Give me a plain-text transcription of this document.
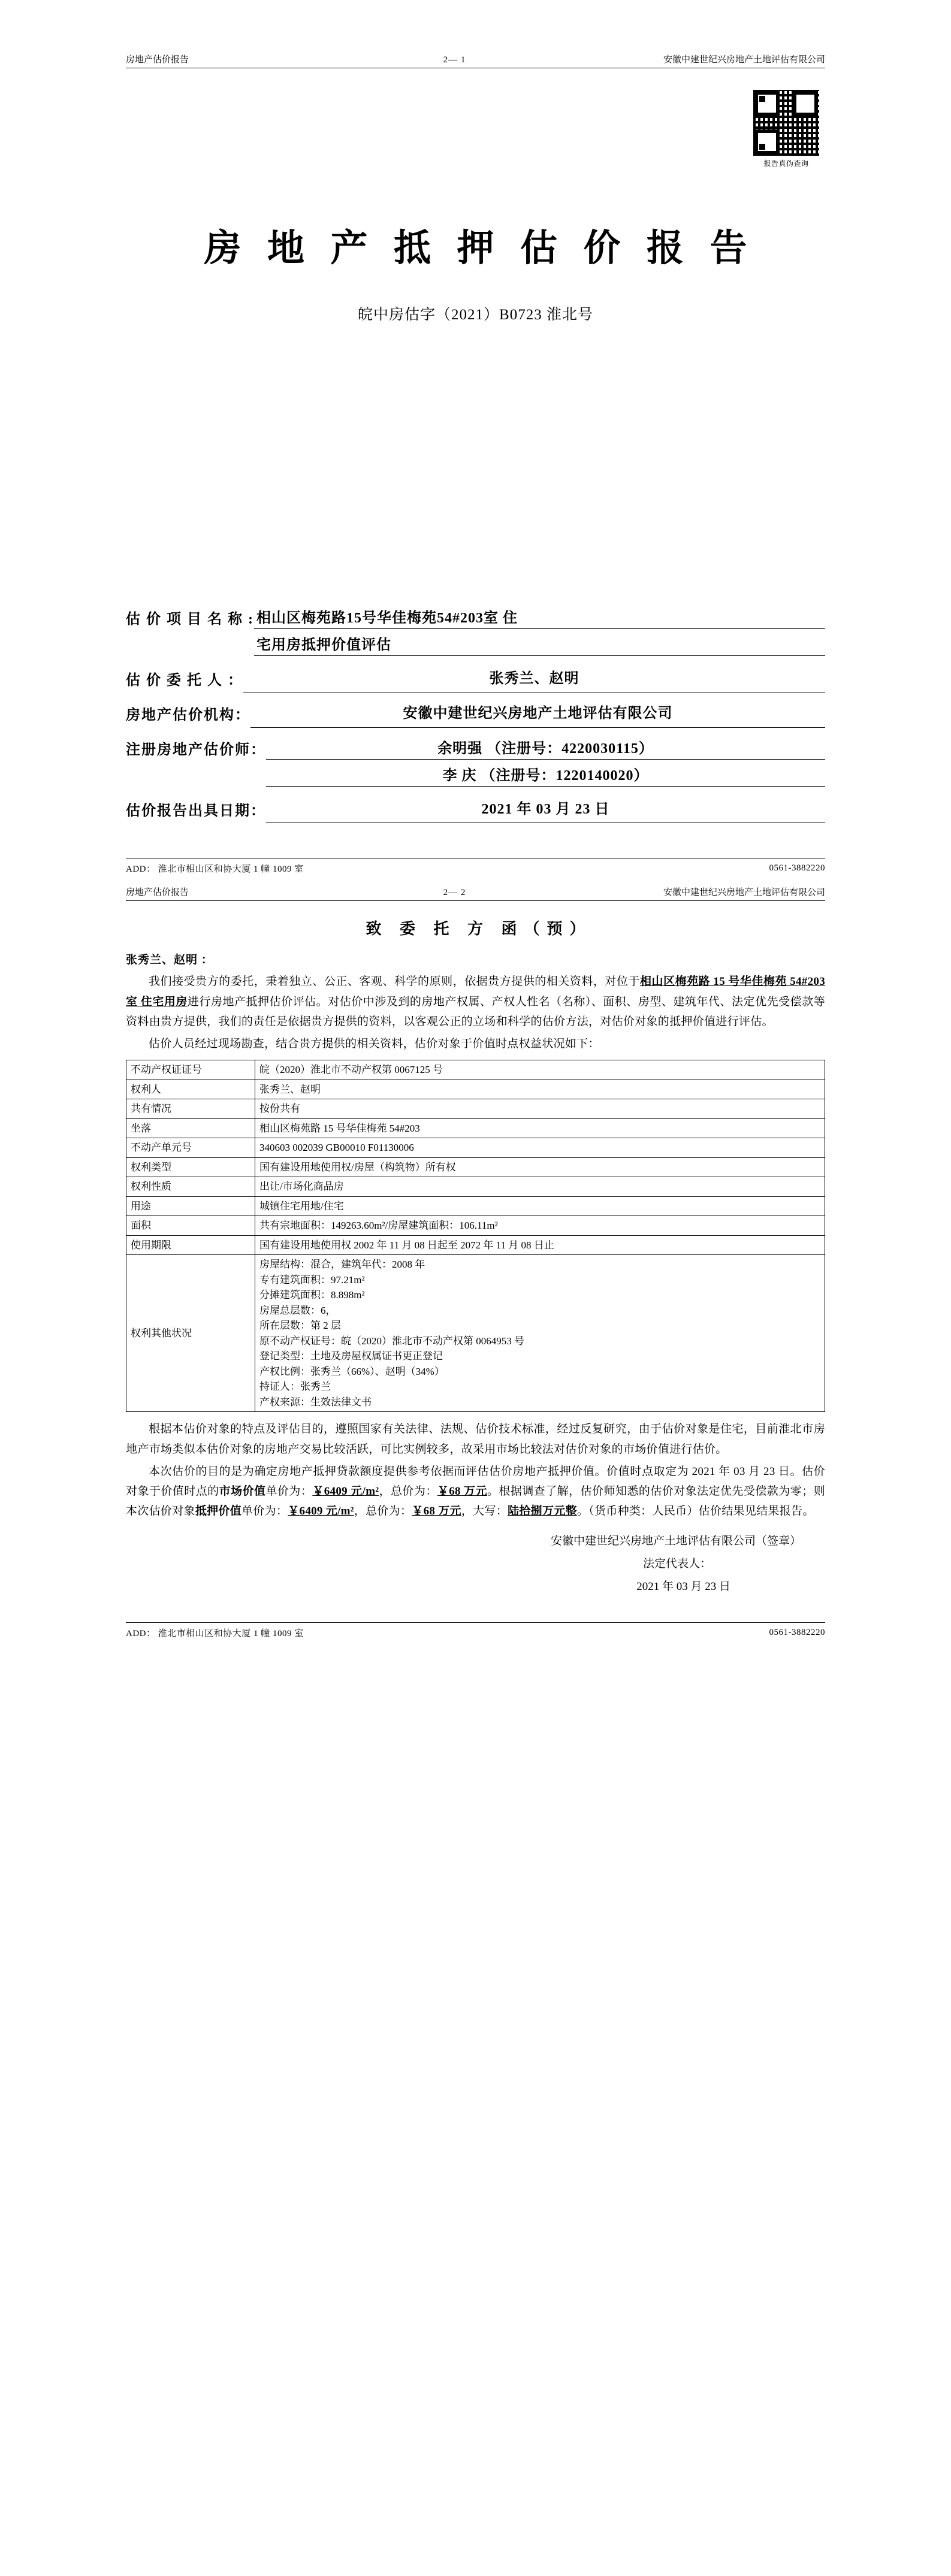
房地产估价报告	2— 1	安徽中建世纪兴房地产土地评估有限公司
报告真伪查询
房 地 产 抵 押 估 价 报 告
皖中房估字（2021）B0723 淮北号
估 价 项 目 名 称 : 相山区梅苑路15号华佳梅苑54#203室 住
宅用房抵押价值评估
估 价 委 托 人 ：	张秀兰、赵明
房地产估价机构：	安徽中建世纪兴房地产土地评估有限公司
注册房地产估价师：	余明强 （注册号：4220030115）
李 庆 （注册号：1220140020）
估价报告出具日期：	2021 年 03 月 23 日
ADD： 淮北市相山区和协大厦 1 幢 1009 室	0561-3882220
房地产估价报告	2— 2	安徽中建世纪兴房地产土地评估有限公司
致 委 托 方 函（预）
张秀兰、赵明 ：

我们接受贵方的委托，秉着独立、公正、客观、科学的原则，依据贵方提供的相关资料，对位于相山区梅苑路 15 号华佳梅苑 54#203 室 住宅用房进行房地产抵押估价评估。对估价中涉及到的房地产权属、产权人性名（名称）、面积、房型、建筑年代、法定优先受偿款等资料由贵方提供，我们的责任是依据贵方提供的资料，以客观公正的立场和科学的估价方法，对估价对象的抵押价值进行评估。

估价人员经过现场勘查，结合贵方提供的相关资料，估价对象于价值时点权益状况如下：

不动产权证证号	皖（2020）淮北市不动产权第 0067125 号
权利人	张秀兰、赵明
共有情况	按份共有
坐落	相山区梅苑路 15 号华佳梅苑 54#203
不动产单元号	340603 002039 GB00010 F01130006
权利类型	国有建设用地使用权/房屋（构筑物）所有权
权利性质	出让/市场化商品房
用途	城镇住宅用地/住宅
面积	共有宗地面积：149263.60m²/房屋建筑面积：106.11m²
使用期限	国有建设用地使用权 2002 年 11 月 08 日起至 2072 年 11 月 08 日止
权利其他状况	
房屋结构：混合，建筑年代：2008 年
专有建筑面积：97.21m²
分摊建筑面积：8.898m²
房屋总层数：6，
所在层数：第 2 层
原不动产权证号：皖（2020）淮北市不动产权第 0064953 号
登记类型：土地及房屋权属证书更正登记
产权比例：张秀兰（66%）、赵明（34%）
持证人：张秀兰
产权来源：生效法律文书

根据本估价对象的特点及评估目的，遵照国家有关法律、法规、估价技术标准，经过反复研究，由于估价对象是住宅，目前淮北市房地产市场类似本估价对象的房地产交易比较活跃，可比实例较多，故采用市场比较法对估价对象的市场价值进行估价。

本次估价的目的是为确定房地产抵押贷款额度提供参考依据而评估估价房地产抵押价值。价值时点取定为 2021 年 03 月 23 日。估价对象于价值时点的市场价值单价为：￥6409 元/m²，总价为：￥68 万元。根据调查了解，估价师知悉的估价对象法定优先受偿款为零；则本次估价对象抵押价值单价为：￥6409 元/m²，总价为：￥68 万元，大写：陆拾捌万元整。（货币种类：人民币）估价结果见结果报告。

安徽中建世纪兴房地产土地评估有限公司（签章）
法定代表人：
2021 年 03 月 23 日
ADD： 淮北市相山区和协大厦 1 幢 1009 室	0561-3882220
